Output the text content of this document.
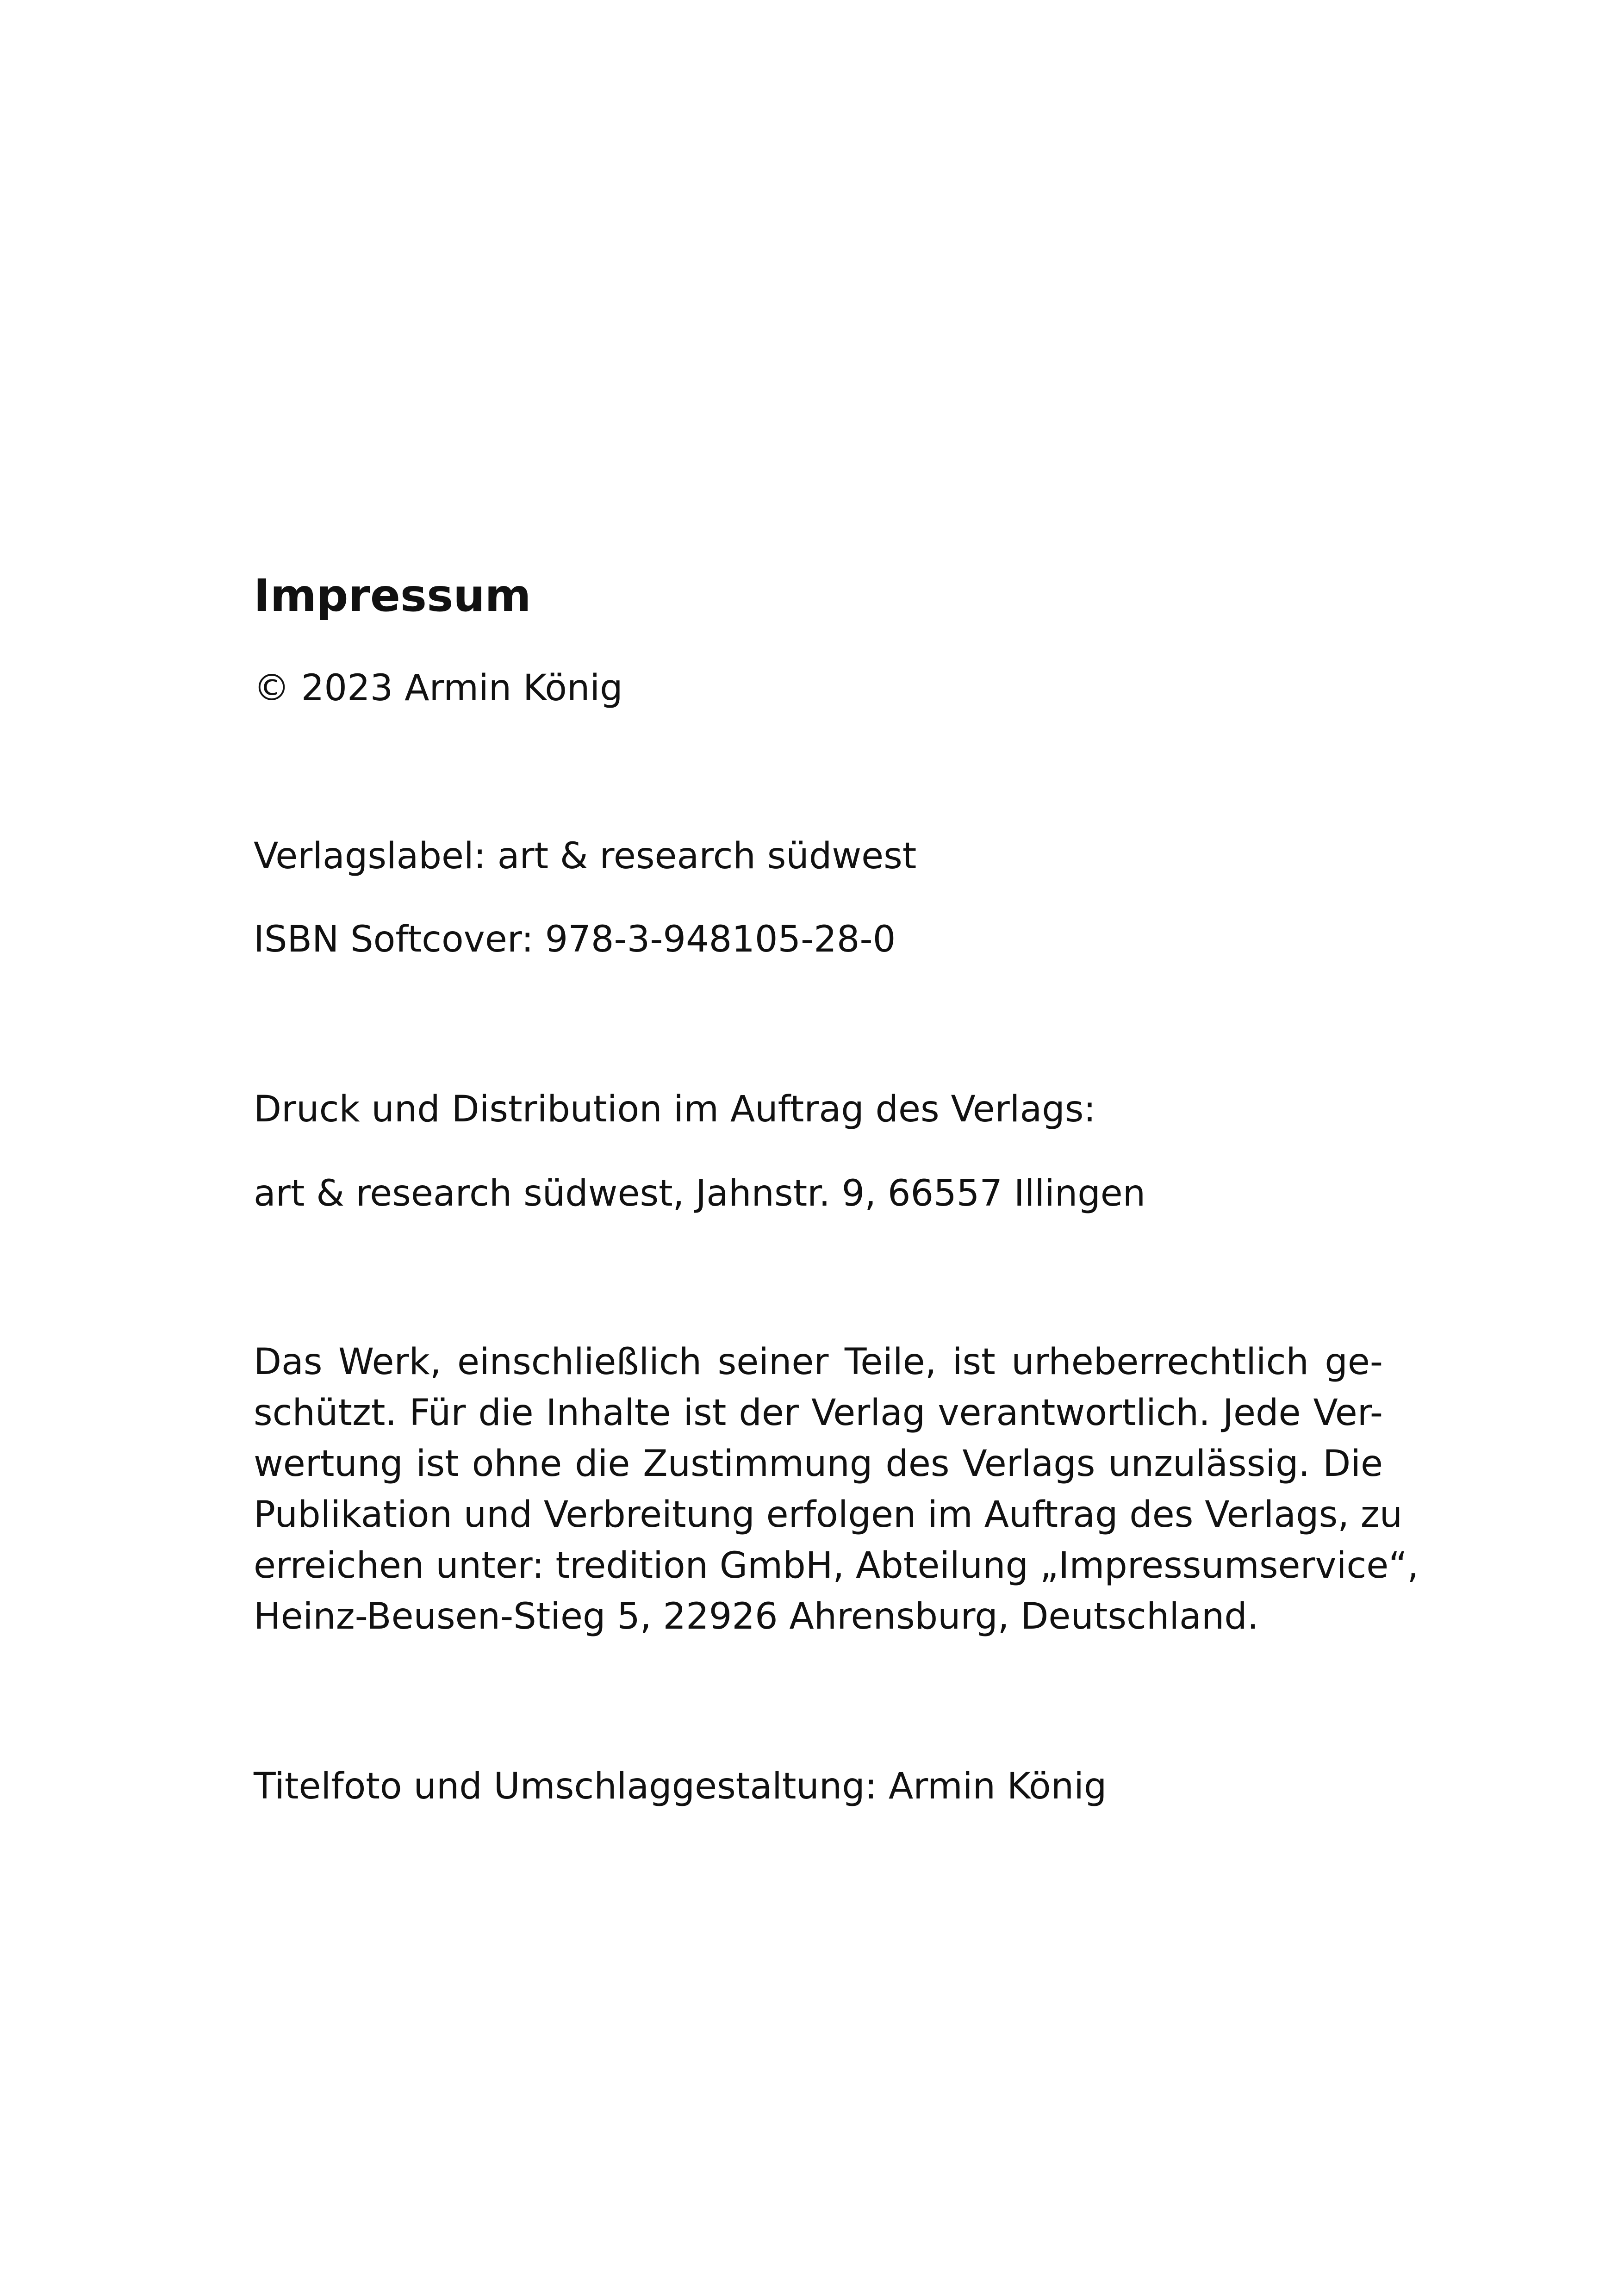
Impressum
© 2023 Armin König
Verlagslabel: art & research südwest
ISBN Softcover: 978-3-948105-28-0
Druck und Distribution im Auftrag des Verlags:
art & research südwest, Jahnstr. 9, 66557 Illingen

Das Werk, einschließlich seiner Teile, ist urheberrechtlich ge-

schützt. Für die Inhalte ist der Verlag verantwortlich. Jede Ver-

wertung ist ohne die Zustimmung des Verlags unzulässig. Die

Publikation und Verbreitung erfolgen im Auftrag des Verlags, zu

erreichen unter: tredition GmbH, Abteilung „Impressumservice“,

Heinz-Beusen-Stieg 5, 22926 Ahrensburg, Deutschland.

Titelfoto und Umschlaggestaltung: Armin König
